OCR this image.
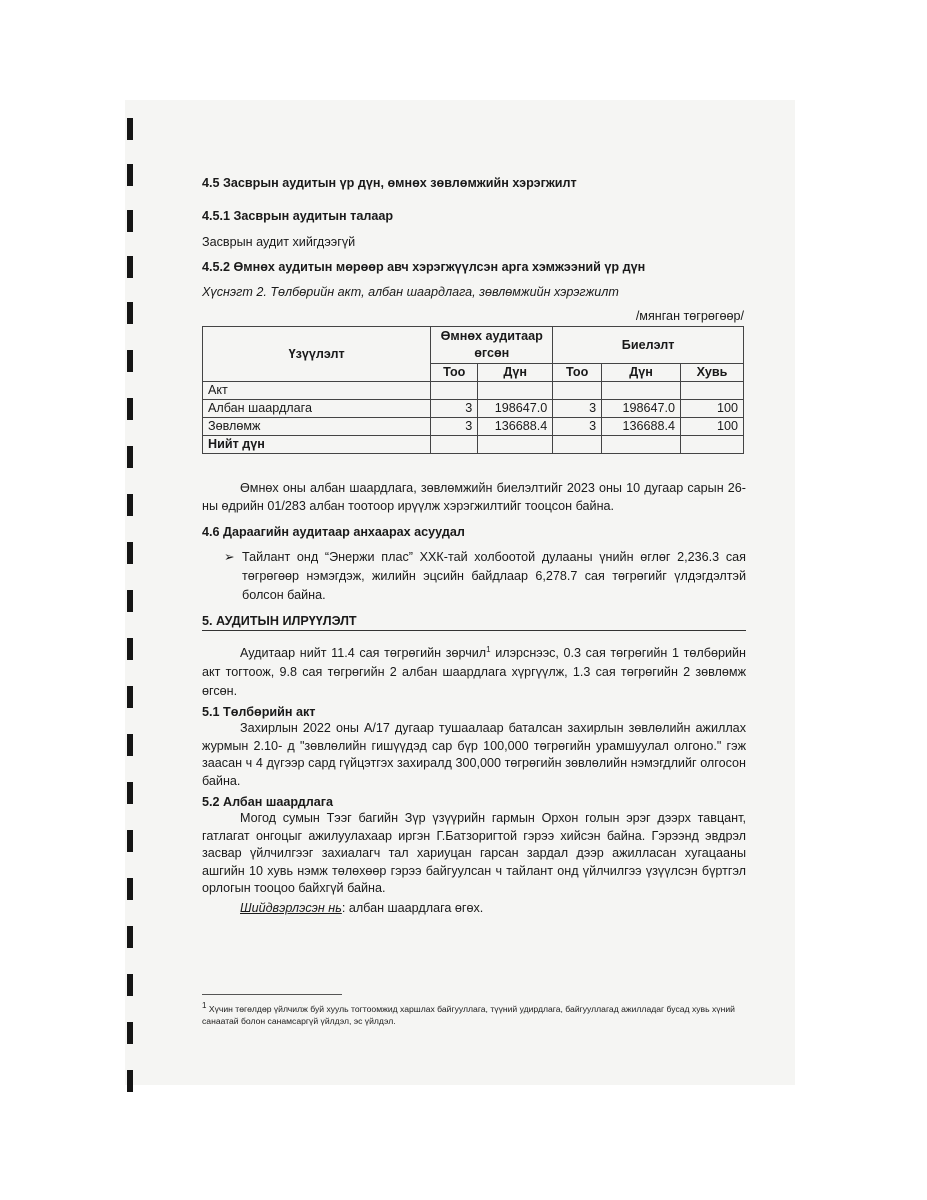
4.5 Засврын аудитын үр дүн, өмнөх зөвлөмжийн хэрэгжилт
4.5.1 Засврын аудитын талаар
Засврын аудит хийгдээгүй
4.5.2 Өмнөх аудитын мөрөөр авч хэрэгжүүлсэн арга хэмжээний үр дүн
Хүснэгт 2. Төлбөрийн акт, албан шаардлага, зөвлөмжийн хэрэгжилт
/мянган төгрөгөөр/
Үзүүлэлт	Өмнөх аудитаар өгсөн		Биелэлт		
	Тоо	Дүн	Тоо	Дүн	Хувь
Акт					
Албан шаардлага	3	198647.0	3	198647.0	100
Зөвлөмж	3	136688.4	3	136688.4	100
Нийт дүн					
Өмнөх оны албан шаардлага, зөвлөмжийн биелэлтийг 2023 оны 10 дугаар сарын 26-ны өдрийн 01/283 албан тоотоор ирүүлж хэрэгжилтийг тооцсон байна.
4.6 Дараагийн аудитаар анхаарах асуудал
➢ Тайлант онд “Энержи плас” ХХК-тай холбоотой дулааны үнийн өглөг 2,236.3 сая төгрөгөөр нэмэгдэж, жилийн эцсийн байдлаар 6,278.7 сая төгрөгийг үлдэгдэлтэй болсон байна.
5. АУДИТЫН ИЛРҮҮЛЭЛТ
Аудитаар нийт 11.4 сая төгрөгийн зөрчил$^1$ илэрснээс, 0.3 сая төгрөгийн 1 төлбөрийн акт тогтоож, 9.8 сая төгрөгийн 2 албан шаардлага хүргүүлж, 1.3 сая төгрөгийн 2 зөвлөмж өгсөн.
5.1 Төлбөрийн акт
Захирлын 2022 оны А/17 дугаар тушаалаар баталсан захирлын зөвлөлийн ажиллах журмын 2.10- д "зөвлөлийн гишүүдэд сар бүр 100,000 төгрөгийн урамшуулал олгоно." гэж заасан ч 4 дүгээр сард гүйцэтгэх захиралд 300,000 төгрөгийн зөвлөлийн нэмэгдлийг олгосон байна.
5.2 Албан шаардлага
Могод сумын Тээг багийн Зүр үзүүрийн гармын Орхон голын эрэг дээрх тавцант, гатлагат онгоцыг ажилуулахаар иргэн Г.Батзоригтой гэрээ хийсэн байна. Гэрээнд эвдрэл засвар үйлчилгээг захиалагч тал хариуцан гарсан зардал дээр ажилласан хугацааны ашгийн 10 хувь нэмж төлөхөөр гэрээ байгуулсан ч тайлант онд үйлчилгээ үзүүлсэн бүртгэл орлогын тооцоо байхгүй байна.
Шийдвэрлэсэн нь: албан шаардлага өгөх.
$^1$ Хүчин төгөлдөр үйлчилж буй хууль тогтоомжид харшлах байгууллага, түүний удирдлага, байгууллагад ажилладаг бусад хувь хүний санаатай болон санамсаргүй үйлдэл, эс үйлдэл.
